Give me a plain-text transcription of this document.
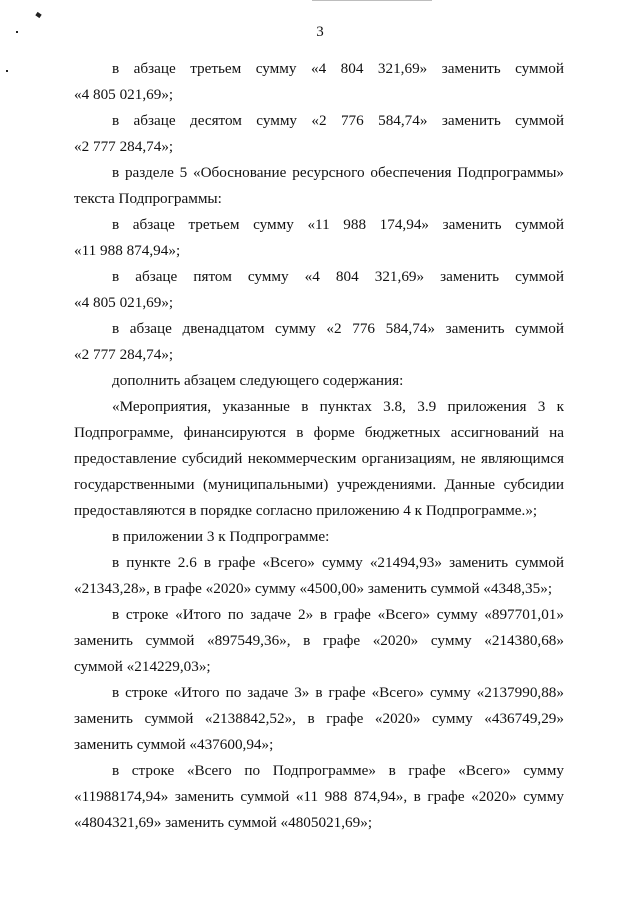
3
в абзаце третьем сумму «4 804 321,69» заменить суммой
«4 805 021,69»;
в абзаце десятом сумму «2 776 584,74» заменить суммой
«2 777 284,74»;
в разделе 5 «Обоснование ресурсного обеспечения Подпрограммы»
текста Подпрограммы:
в абзаце третьем сумму «11 988 174,94» заменить суммой
«11 988 874,94»;
в абзаце пятом сумму «4 804 321,69» заменить суммой
«4 805 021,69»;
в абзаце двенадцатом сумму «2 776 584,74» заменить суммой
«2 777 284,74»;
дополнить абзацем следующего содержания:
«Мероприятия, указанные в пунктах 3.8, 3.9 приложения 3 к
Подпрограмме, финансируются в форме бюджетных ассигнований на
предоставление субсидий некоммерческим организациям, не являющимся
государственными (муниципальными) учреждениями. Данные субсидии
предоставляются в порядке согласно приложению 4 к Подпрограмме.»;
в приложении 3 к Подпрограмме:
в пункте 2.6 в графе «Всего» сумму «21494,93» заменить суммой
«21343,28», в графе «2020» сумму «4500,00» заменить суммой «4348,35»;
в строке «Итого по задаче 2» в графе «Всего» сумму «897701,01»
заменить суммой «897549,36», в графе «2020» сумму «214380,68»
суммой «214229,03»;
в строке «Итого по задаче 3» в графе «Всего» сумму «2137990,88»
заменить суммой «2138842,52», в графе «2020» сумму «436749,29»
заменить суммой «437600,94»;
в строке «Всего по Подпрограмме» в графе «Всего» сумму
«11988174,94» заменить суммой «11 988 874,94», в графе «2020» сумму
«4804321,69» заменить суммой «4805021,69»;
